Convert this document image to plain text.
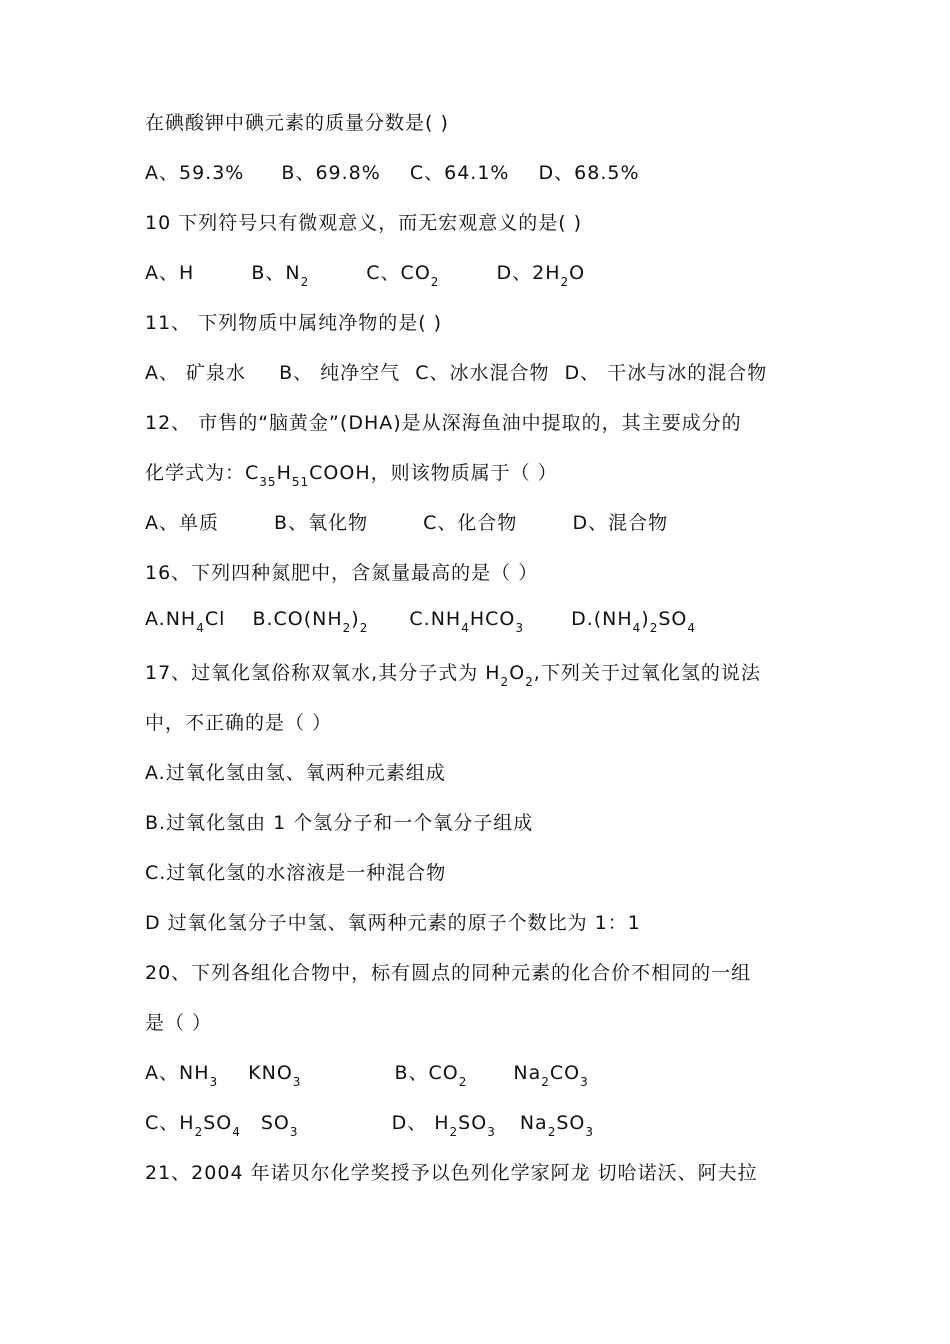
在碘酸钾中碘元素的质量分数是( )
A、59.3% B、69.8% C、64.1% D、68.5%
10 下列符号只有微观意义，而无宏观意义的是( )
A、H	B、$N_2$	C、$CO_2$	D、$2H_2O$
11、 下列物质中属纯净物的是( )
A、 矿泉水 B、 纯净空气 C、冰水混合物 D、 干冰与冰的混合物
12、 市售的“脑黄金”(DHA)是从深海鱼油中提取的，其主要成分的
化学式为：$C_{35}H_{51}COOH$，则该物质属于（ ）
A、单质	B、氧化物	C、化合物	D、混合物
16、下列四种氮肥中，含氮量最高的是（ ）
$A.NH_4Cl$ $B.CO(NH_2)_2$ $C.NH_4HCO_3$ $D.(NH_4)_2SO_4$
17、过氧化氢俗称双氧水,其分子式为 $H_2O_2$,下列关于过氧化氢的说法
中，不正确的是（ ）
A.过氧化氢由氢、氧两种元素组成
B.过氧化氢由 1 个氢分子和一个氧分子组成
C.过氧化氢的水溶液是一种混合物
D 过氧化氢分子中氢、氧两种元素的原子个数比为 1：1
20、下列各组化合物中，标有圆点的同种元素的化合价不相同的一组
是（ ）
A、$NH_3$ $KNO_3$	B、$CO_2$ $Na_2CO_3$
C、$H_2SO_4$ $SO_3$	D、 $H_2SO_3$ $Na_2SO_3$
21、2004 年诺贝尔化学奖授予以色列化学家阿龙 切哈诺沃、阿夫拉
